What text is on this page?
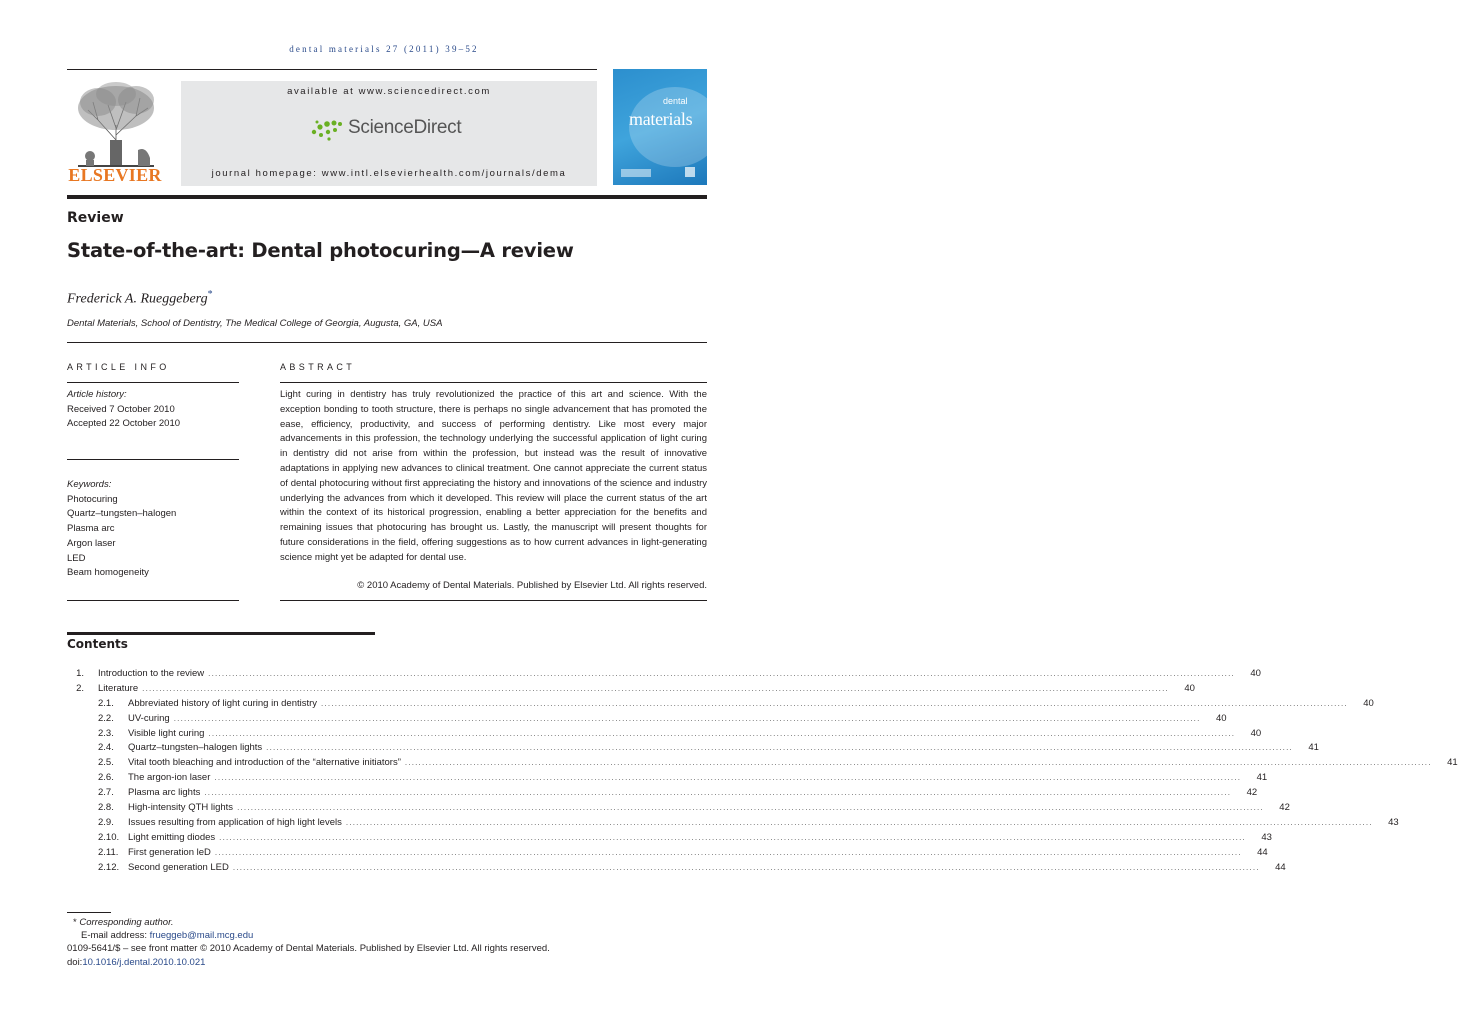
dental materials 27 (2011) 39–52
ELSEVIER
available at www.sciencedirect.com
ScienceDirect
journal homepage: www.intl.elsevierhealth.com/journals/dema
dental
materials
Review
State-of-the-art: Dental photocuring—A review
Frederick A. Rueggeberg*
Dental Materials, School of Dentistry, The Medical College of Georgia, Augusta, GA, USA
ARTICLE INFO
Article history:
Received 7 October 2010
Accepted 22 October 2010
Keywords:
Photocuring
Quartz–tungsten–halogen
Plasma arc
Argon laser
LED
Beam homogeneity
ABSTRACT
Light curing in dentistry has truly revolutionized the practice of this art and science. With the exception bonding to tooth structure, there is perhaps no single advancement that has promoted the ease, efficiency, productivity, and success of performing dentistry. Like most every major advancements in this profession, the technology underlying the successful application of light curing in dentistry did not arise from within the profession, but instead was the result of innovative adaptations in applying new advances to clinical treatment. One cannot appreciate the current status of dental photocuring without first appreciating the history and innovations of the science and industry underlying the advances from which it developed. This review will place the current status of the art within the context of its historical progression, enabling a better appreciation for the benefits and remaining issues that photocuring has brought us. Lastly, the manuscript will present thoughts for future considerations in the field, offering suggestions as to how current advances in light-generating science might yet be adapted for dental use.
© 2010 Academy of Dental Materials. Published by Elsevier Ltd. All rights reserved.
Contents
1. Introduction to the review ............................................................................................................................................................................................................................................................................................................	40
2. Literature ............................................................................................................................................................................................................................................................................................................	40
2.1. Abbreviated history of light curing in dentistry ............................................................................................................................................................................................................................................................................................................	40
2.2. UV-curing ............................................................................................................................................................................................................................................................................................................	40
2.3. Visible light curing ............................................................................................................................................................................................................................................................................................................	40
2.4. Quartz–tungsten–halogen lights ............................................................................................................................................................................................................................................................................................................	41
2.5. Vital tooth bleaching and introduction of the “alternative initiators” ............................................................................................................................................................................................................................................................................................................	41
2.6. The argon-ion laser ............................................................................................................................................................................................................................................................................................................	41
2.7. Plasma arc lights ............................................................................................................................................................................................................................................................................................................	42
2.8. High-intensity QTH lights ............................................................................................................................................................................................................................................................................................................	42
2.9. Issues resulting from application of high light levels ............................................................................................................................................................................................................................................................................................................	43
2.10. Light emitting diodes ............................................................................................................................................................................................................................................................................................................	43
2.11. First generation leD ............................................................................................................................................................................................................................................................................................................	44
2.12. Second generation LED ............................................................................................................................................................................................................................................................................................................	44
* Corresponding author.
E-mail address: frueggeb@mail.mcg.edu
0109-5641/$ – see front matter © 2010 Academy of Dental Materials. Published by Elsevier Ltd. All rights reserved.
doi:10.1016/j.dental.2010.10.021
